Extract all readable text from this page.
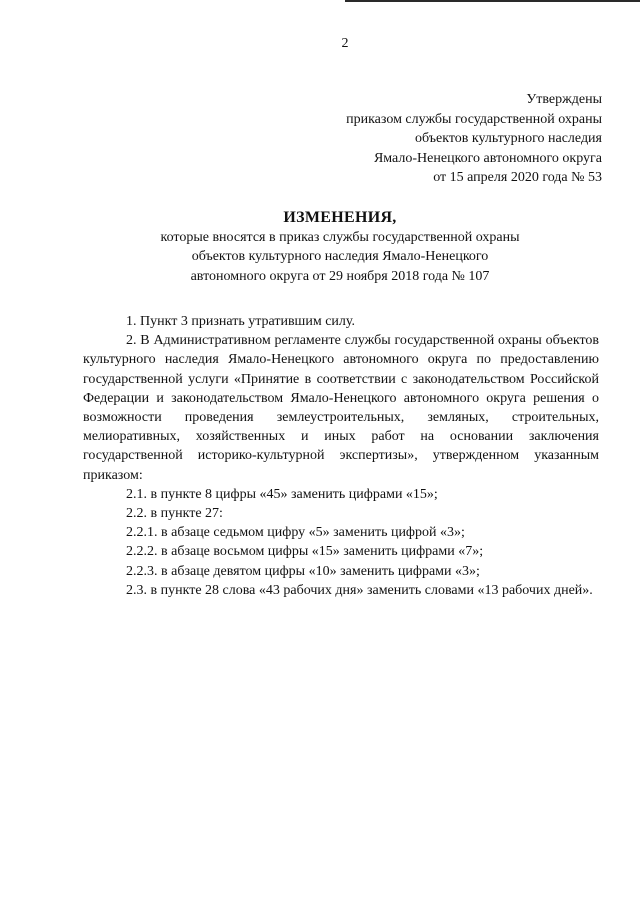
2
Утверждены
приказом службы государственной охраны
объектов культурного наследия
Ямало-Ненецкого автономного округа
от 15 апреля 2020 года № 53
ИЗМЕНЕНИЯ,
которые вносятся в приказ службы государственной охраны
объектов культурного наследия Ямало-Ненецкого
автономного округа от 29 ноября 2018 года № 107

1. Пункт 3 признать утратившим силу.

2. В Административном регламенте службы государственной охраны объектов культурного наследия Ямало-Ненецкого автономного округа по предоставлению государственной услуги «Принятие в соответствии с законодательством Российской Федерации и законодательством Ямало-Ненецкого автономного округа решения о возможности проведения землеустроительных, земляных, строительных, мелиоративных, хозяйственных и иных работ на основании заключения государственной историко-культурной экспертизы», утвержденном указанным приказом:

2.1. в пункте 8 цифры «45» заменить цифрами «15»;

2.2. в пункте 27:

2.2.1. в абзаце седьмом цифру «5» заменить цифрой «3»;

2.2.2. в абзаце восьмом цифры «15» заменить цифрами «7»;

2.2.3. в абзаце девятом цифры «10» заменить цифрами «3»;

2.3. в пункте 28 слова «43 рабочих дня» заменить словами «13 рабочих дней».
